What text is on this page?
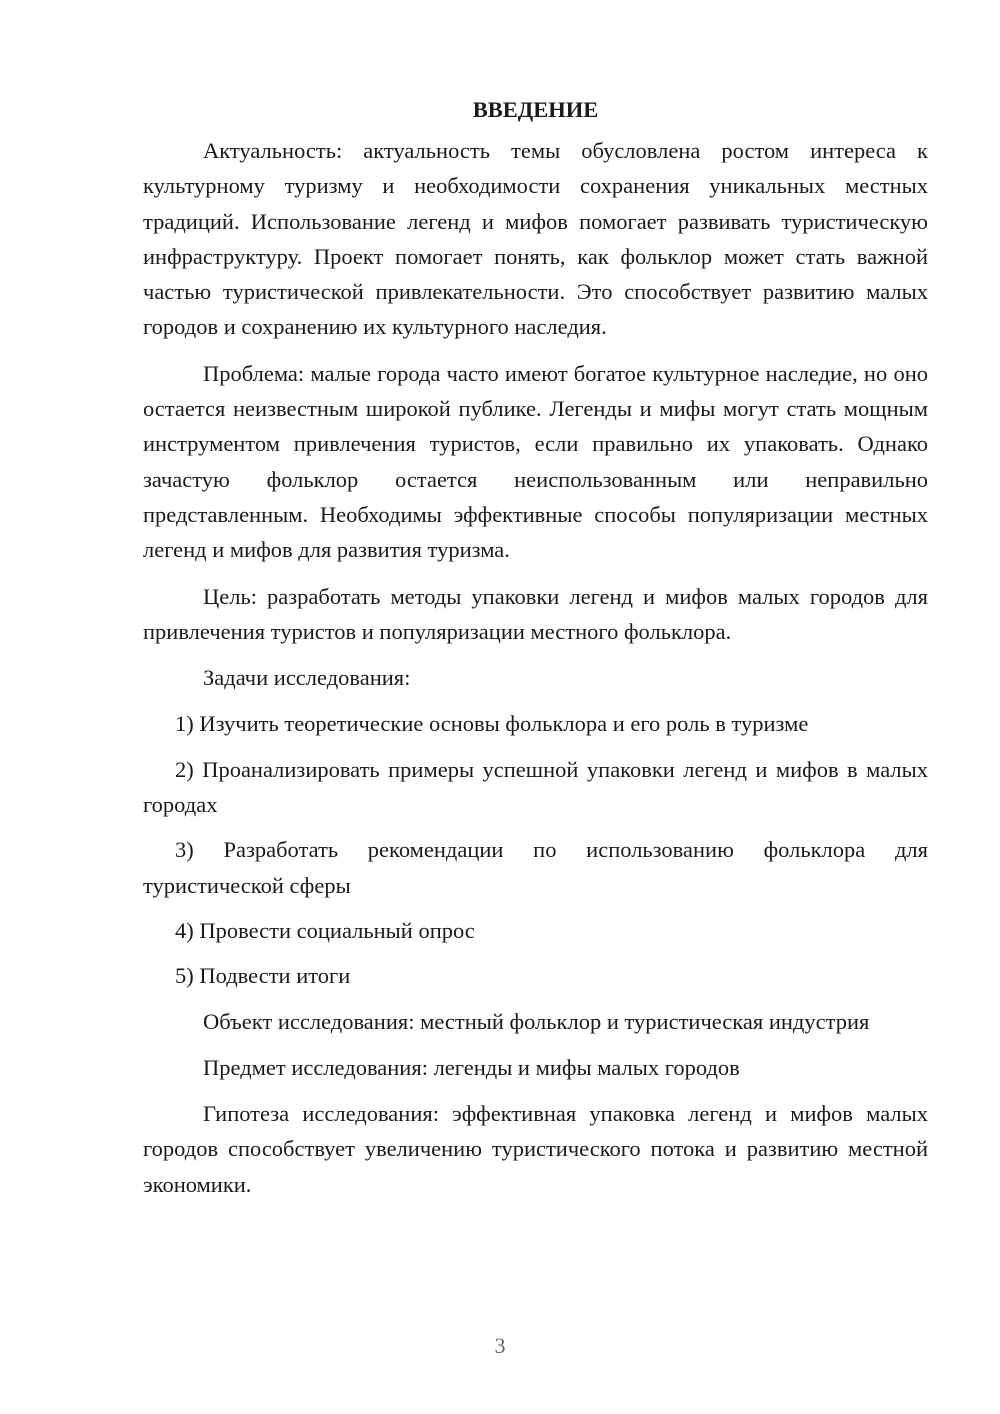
ВВЕДЕНИЕ

Актуальность: актуальность темы обусловлена ростом интереса к культурному туризму и необходимости сохранения уникальных местных традиций. Использование легенд и мифов помогает развивать туристическую инфраструктуру. Проект помогает понять, как фольклор может стать важной частью туристической привлекательности. Это способствует развитию малых городов и сохранению их культурного наследия.

Проблема: малые города часто имеют богатое культурное наследие, но оно остается неизвестным широкой публике. Легенды и мифы могут стать мощным инструментом привлечения туристов, если правильно их упаковать. Однако зачастую фольклор остается неиспользованным или неправильно представленным. Необходимы эффективные способы популяризации местных легенд и мифов для развития туризма.

Цель: разработать методы упаковки легенд и мифов малых городов для привлечения туристов и популяризации местного фольклора.

Задачи исследования:

1) Изучить теоретические основы фольклора и его роль в туризме

2) Проанализировать примеры успешной упаковки легенд и мифов в малых городах

3) Разработать рекомендации по использованию фольклора для туристической сферы

4) Провести социальный опрос

5) Подвести итоги

Объект исследования: местный фольклор и туристическая индустрия

Предмет исследования: легенды и мифы малых городов

Гипотеза исследования: эффективная упаковка легенд и мифов малых городов способствует увеличению туристического потока и развитию местной экономики.

3
